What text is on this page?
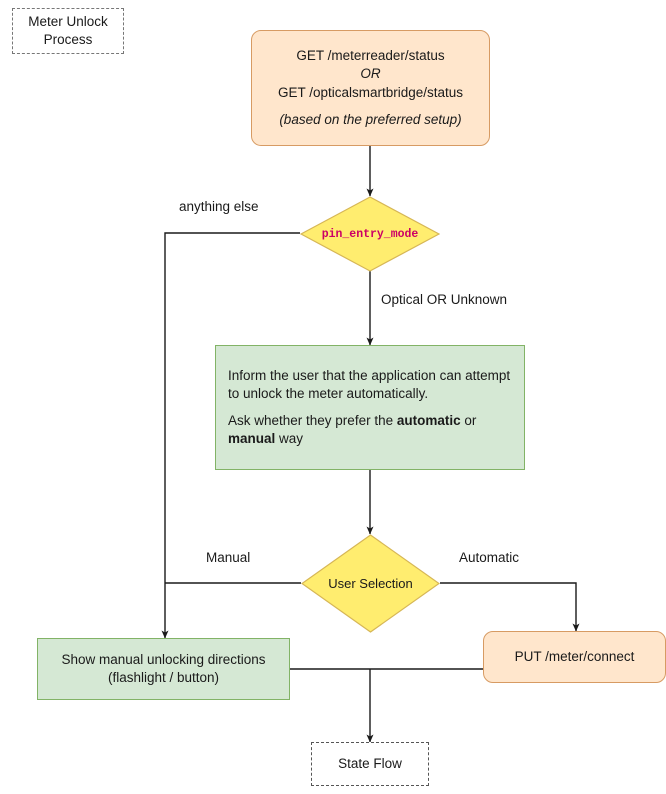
Meter Unlock
Process
GET /meterreader/status
OR
GET /opticalsmartbridge/status
(based on the preferred setup)
pin_entry_mode
Inform the user that the application can attempt to unlock the meter automatically.
Ask whether they prefer the automatic or manual way
User Selection
Show manual unlocking directions
(flashlight / button)
PUT /meter/connect
State Flow
anything else
Optical OR Unknown
Manual	Automatic
